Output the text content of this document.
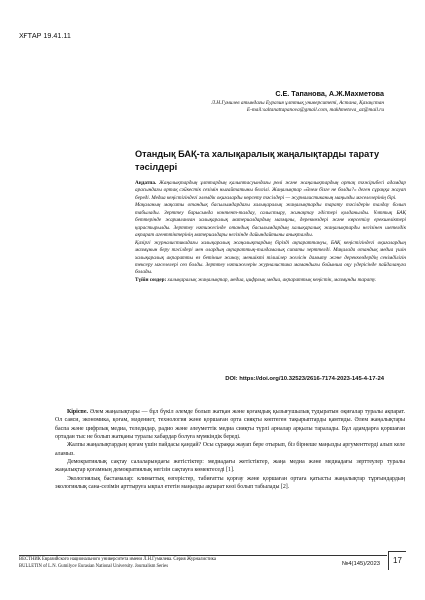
ХҒТАР 19.41.11
С.Е. Тапанова, А.Ж.Махметова
Л.Н.Гумилев атындағы Еуразия ұлттық университеті, Астана, Қазақстан
E-mail:saltanattapanova@gmail.com, makhmetova_az@mail.ru
Отандық БАҚ-та халықаралық жаңалықтарды тарату тәсілдері

Аңдатпа. Жаңалықтардың ұлттардың қалыптасуындағы рөлі және жаңалықтардың ортақ тәжірибесі адамдар арасындағы ортақ сәйкестік сезімін нығайтатыны белгілі. Жаңалықтар «Әлем бізге не болды?» деген сұраққа жауап береді. Медиа кеңістігіндегі әлемдік оқиғаларды көрсету тәсілдері — журналистиканың маңызды мәселелерінің бірі.

Мақаланың мақсаты отандық басылымдардағы халықаралық жаңалықтарды тарату тәсілдерін талдау болып табылады. Зерттеу барысында контент-талдау, салыстыру, жинақтау әдістері қолданылды. Ұлттық БАҚ беттерінде жарияланған халықаралық материалдардың мазмұны, дереккөздері және көрсетілу ерекшеліктері қарастырылды. Зерттеу нәтижесінде отандық басылымдардың халықаралық жаңалықтарды негізінен шетелдік ақпарат агенттіктерінің материалдары негізінде дайындайтыны анықталды.

Қазіргі журналистикадағы халықаралық жаңалықтардың бірізді ақпараттануы, БАҚ кеңістігіндегі оқиғалардың мазмұнын беру тәсілдері мен олардың ақпараттық-талдамалық сипаты зерттелді. Мақалада отандық медиа үшін халықаралық ақпаратты өз бетінше жинау, меншікті тілшілер желісін дамыту және дереккөздердің сенімділігін тексеру мәселелері сөз болды. Зерттеу нәтижелерін журналистика мамандығы бойынша оқу үдерісінде пайдалануға болады.

Түйін сөздер: халықаралық жаңалықтар, медиа, цифрлық медиа, ақпараттық кеңістік, мазмұнды тарату.

DOI: https://doi.org/10.32523/2616-7174-2023-145-4-17-24

Кіріспе. Әлем жаңалықтары — бұл бүкіл әлемде болып жатқан және қоғамдық қызығушылық тудыратын оқиғалар туралы ақпарат. Ол саяси, экономика, қоғам, мәдениет, технология және қоршаған орта сияқты көптеген тақырыптарды қамтиды. Әлем жаңалықтары баспа және цифрлық медиа, теледидар, радио және әлеуметтік медиа сияқты түрлі арналар арқылы таралады. Бұл адамдарға қоршаған ортадан тыс не болып жатқаны туралы хабардар болуға мүмкіндік береді.

Жалпы жаңалықтардың қоғам үшін пайдасы қандай? Осы сұраққа жауап бере отырып, біз бірнеше маңызды аргументтерді алып келе аламыз.

Демократиялық сақтау салаларындағы жетістіктер: медиадағы жетістіктер, жаңа медиа және медиадағы зерттеулер туралы жаңалықтар қоғамның демократиялық негізін сақтауға көмектеседі [1].

Экологиялық бастамалар: климаттық өзгерістер, табиғатты қорғау және қоршаған ортаға қатысты жаңалықтар тұрғындардың экологиялық сана-сезімін арттыруға ықпал ететін маңызды ақпарат көзі болып табылады [2].

ВЕСТНИК Евразийского национального университета имени Л.Н.Гумилева. Серия Журналистика
BULLETIN of L.N. Gumilyov Eurasian National University. Journalism Series	№4(145)/2023	17
